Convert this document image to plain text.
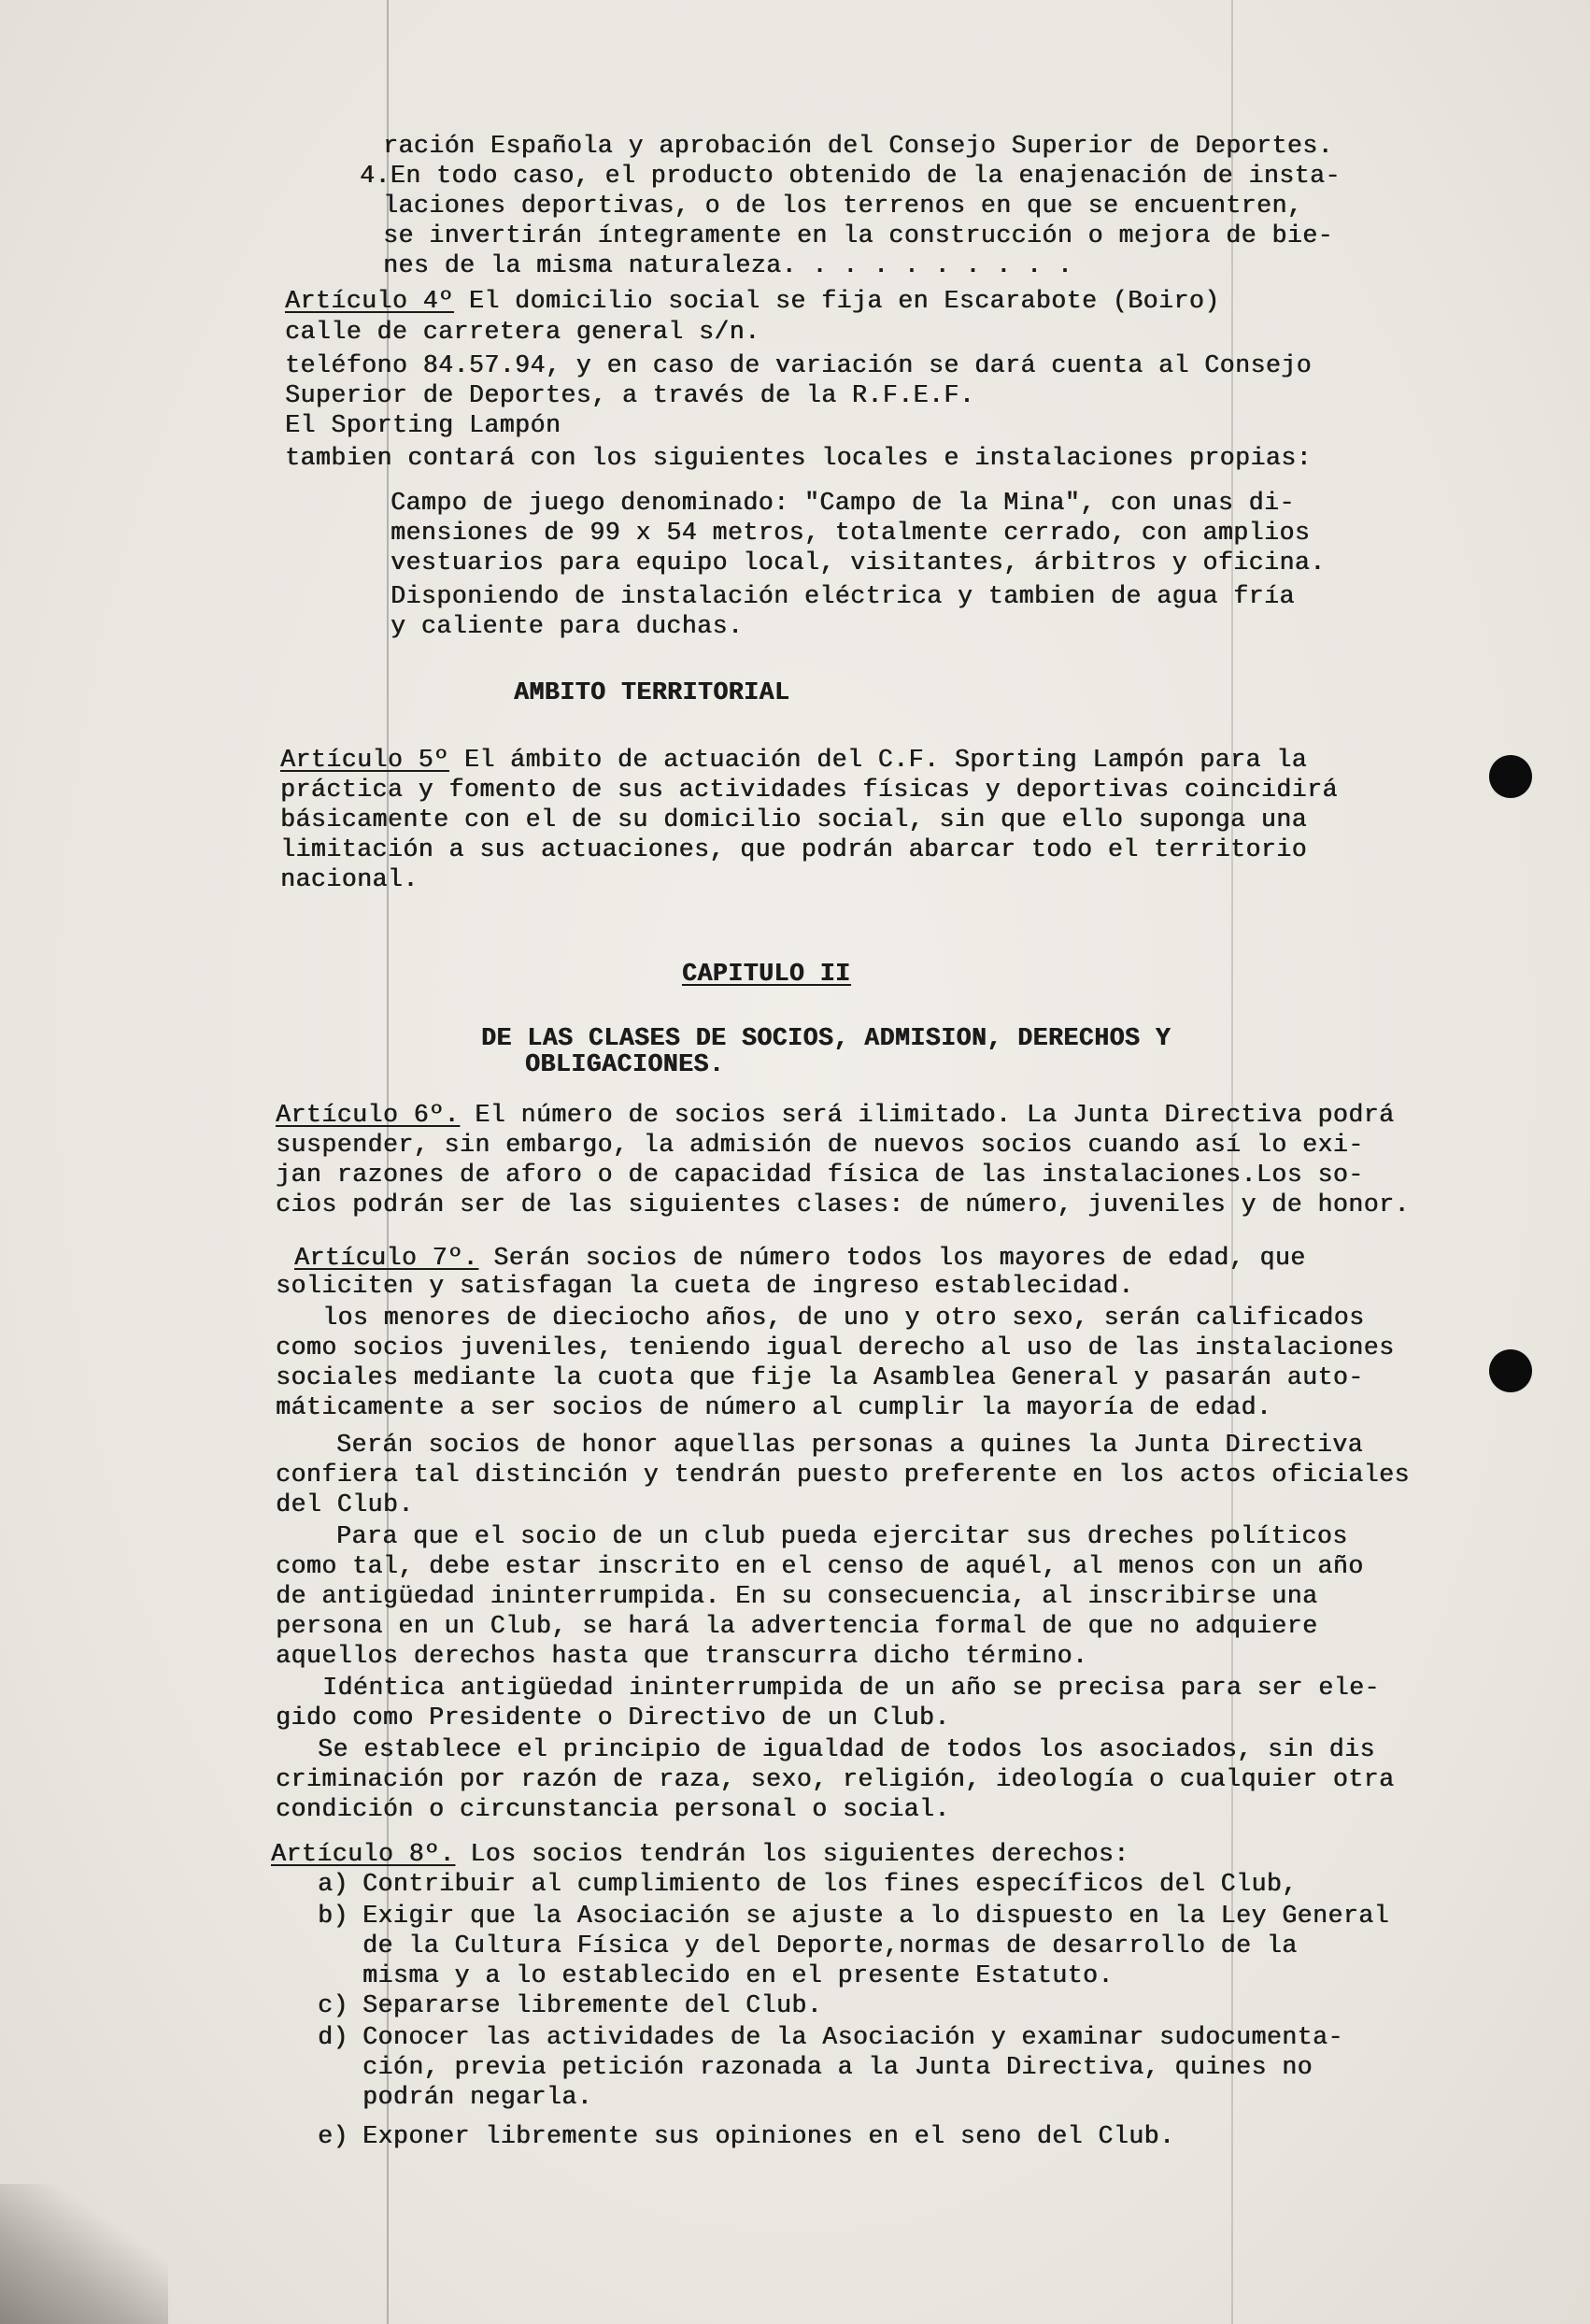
ración Española y aprobación del Consejo Superior de Deportes.
4.En todo caso, el producto obtenido de la enajenación de insta-
laciones deportivas, o de los terrenos en que se encuentren,
se invertirán íntegramente en la construcción o mejora de bie-
nes de la misma naturaleza. . . . . . . . . .
Artículo 4º El domicilio social se fija en Escarabote (Boiro)
calle de carretera general s/n.
teléfono 84.57.94, y en caso de variación se dará cuenta al Consejo
Superior de Deportes, a través de la R.F.E.F.
El Sporting Lampón
tambien contará con los siguientes locales e instalaciones propias:
Campo de juego denominado: "Campo de la Mina", con unas di-
mensiones de 99 x 54 metros, totalmente cerrado, con amplios
vestuarios para equipo local, visitantes, árbitros y oficina.
Disponiendo de instalación eléctrica y tambien de agua fría
y caliente para duchas.
AMBITO TERRITORIAL
Artículo 5º El ámbito de actuación del C.F. Sporting Lampón para la
práctica y fomento de sus actividades físicas y deportivas coincidirá
básicamente con el de su domicilio social, sin que ello suponga una
limitación a sus actuaciones, que podrán abarcar todo el territorio
nacional.
CAPITULO II
DE LAS CLASES DE SOCIOS, ADMISION, DERECHOS Y
OBLIGACIONES.
Artículo 6º. El número de socios será ilimitado. La Junta Directiva podrá
suspender, sin embargo, la admisión de nuevos socios cuando así lo exi-
jan razones de aforo o de capacidad física de las instalaciones.Los so-
cios podrán ser de las siguientes clases: de número, juveniles y de honor.
Artículo 7º. Serán socios de número todos los mayores de edad, que
soliciten y satisfagan la cueta de ingreso establecidad.
los menores de dieciocho años, de uno y otro sexo, serán calificados
como socios juveniles, teniendo igual derecho al uso de las instalaciones
sociales mediante la cuota que fije la Asamblea General y pasarán auto-
máticamente a ser socios de número al cumplir la mayoría de edad.
Serán socios de honor aquellas personas a quines la Junta Directiva
confiera tal distinción y tendrán puesto preferente en los actos oficiales
del Club.
Para que el socio de un club pueda ejercitar sus dreches políticos
como tal, debe estar inscrito en el censo de aquél, al menos con un año
de antigüedad ininterrumpida. En su consecuencia, al inscribirse una
persona en un Club, se hará la advertencia formal de que no adquiere
aquellos derechos hasta que transcurra dicho término.
Idéntica antigüedad ininterrumpida de un año se precisa para ser ele-
gido como Presidente o Directivo de un Club.
Se establece el principio de igualdad de todos los asociados, sin dis
criminación por razón de raza, sexo, religión, ideología o cualquier otra
condición o circunstancia personal o social.
Artículo 8º. Los socios tendrán los siguientes derechos:
a) Contribuir al cumplimiento de los fines específicos del Club,
b) Exigir que la Asociación se ajuste a lo dispuesto en la Ley General
de la Cultura Física y del Deporte,normas de desarrollo de la
misma y a lo establecido en el presente Estatuto.
c) Separarse libremente del Club.
d) Conocer las actividades de la Asociación y examinar sudocumenta-
ción, previa petición razonada a la Junta Directiva, quines no
podrán negarla.
e) Exponer libremente sus opiniones en el seno del Club.
